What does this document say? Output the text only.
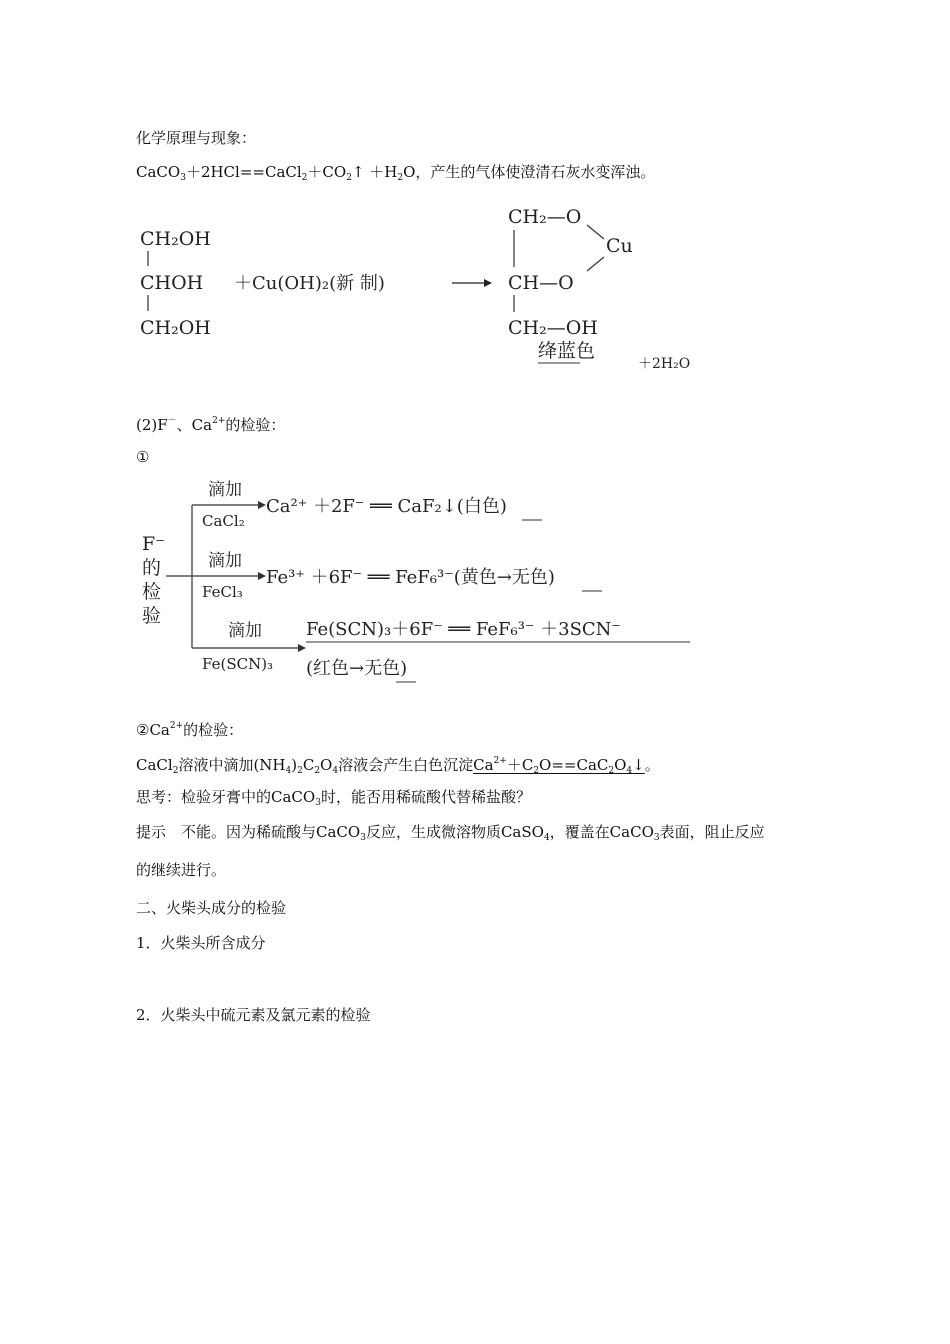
化学原理与现象：
$CaCO_3+2HCl==CaCl_2+CO_2↑ +H_2O$，产生的气体使澄清石灰水变浑浊。
CH₂OH
CHOH
CH₂OH
＋Cu(OH)₂(新 制)
CH₂—O
Cu
CH—O
CH₂—OH
绛蓝色
＋2H₂O
(2)F－、$Ca^{2+}$的检验：
①
F⁻
的
检
验
滴加
CaCl₂
Ca²⁺ ＋2F⁻ ══ CaF₂↓(白色)
滴加
FeCl₃
Fe³⁺ ＋6F⁻ ══ FeF₆³⁻(黄色→无色)
滴加
Fe(SCN)₃
Fe(SCN)₃＋6F⁻ ══ FeF₆³⁻ ＋3SCN⁻
(红色→无色)
$②Ca^{2+}$的检验：
CaCl$_2$溶液中滴加$(NH_4)_2C_2O_4$溶液会产生白色沉淀$Ca^{2+}+C_2O==CaC_2O_4↓$。
思考：检验牙膏中的CaCO$_3$时，能否用稀硫酸代替稀盐酸？
提示　不能。因为稀硫酸与CaCO$_3$反应，生成微溶物质CaSO$_4$，覆盖在CaCO$_3$表面，阻止反应
的继续进行。
二、火柴头成分的检验
1．火柴头所含成分
2．火柴头中硫元素及氯元素的检验
